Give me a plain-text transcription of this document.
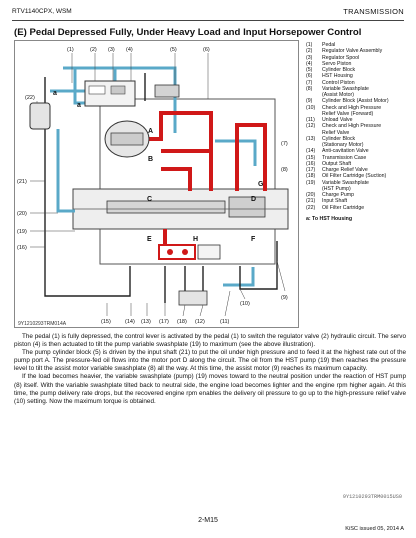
RTV1140CPX, WSM	TRANSMISSION
(E) Pedal Depressed Fully, Under Heavy Load and Input Horsepower Control
(1)	(2) (3) (4)	(5)	(6)
(22)
(21)
(20)
(19)
(16)
(15)	(14) (13) (17) (18) (12)	(11)
(10)
(9)
(8)
(7)
a
a
A
B
C	D
E	F
G
H
9Y1210293TRM014A
(1) Pedal
(2) Regulator Valve Assembly
(3) Regulator Spool
(4) Servo Piston
(5) Cylinder Block
(6) HST Housing
(7) Control Piston
(8) Variable Swashplate
(Assist Motor)
(9) Cylinder Block (Assist Motor)
(10) Check and High Pressure
Relief Valve (Forward)
(11) Unload Valve
(12) Check and High Pressure
Relief Valve
(13) Cylinder Block
(Stationary Motor)
(14) Anti-cavitation Valve
(15) Transmission Case
(16) Output Shaft
(17) Charge Relief Valve
(18) Oil Filter Cartridge (Suction)
(19) Variable Swashplate
(HST Pump)
(20) Charge Pump
(21) Input Shaft
(22) Oil Filter Cartridge
a: To HST Housing

The pedal (1) is fully depressed, the control lever is activated by the pedal (1) to switch the regulator valve (2) hydraulic circuit. The servo piston (4) is then actuated to tilt the pump variable swashplate (19) to maximum (see the above illustration).

The pump cylinder block (5) is driven by the input shaft (21) to put the oil under high pressure and to feed it at the highest rate out of the pump port A. The pressure-fed oil flows into the motor port D along the circuit. The oil from the HST pump (19) then reaches the pressure level to tilt the assist motor variable swashplate (8) all the way. At this time, the assist motor (9) reaches its maximum capacity.

If the load becomes heavier, the variable swashplate (pump) (19) moves toward to the neutral position under the reaction of HST pump (8) itself. With the variable swashplate tilted back to neutral side, the engine load becomes lighter and the engine rpm higher again. At this time, the pump delivery rate drops, but the recovered engine rpm enables the delivery oil pressure to go up to the high-pressure relief valve (10) setting. Now the maximum torque is obtained.

9Y1210293TRM0015US0
2-M15
KiSC issued 05, 2014 A
